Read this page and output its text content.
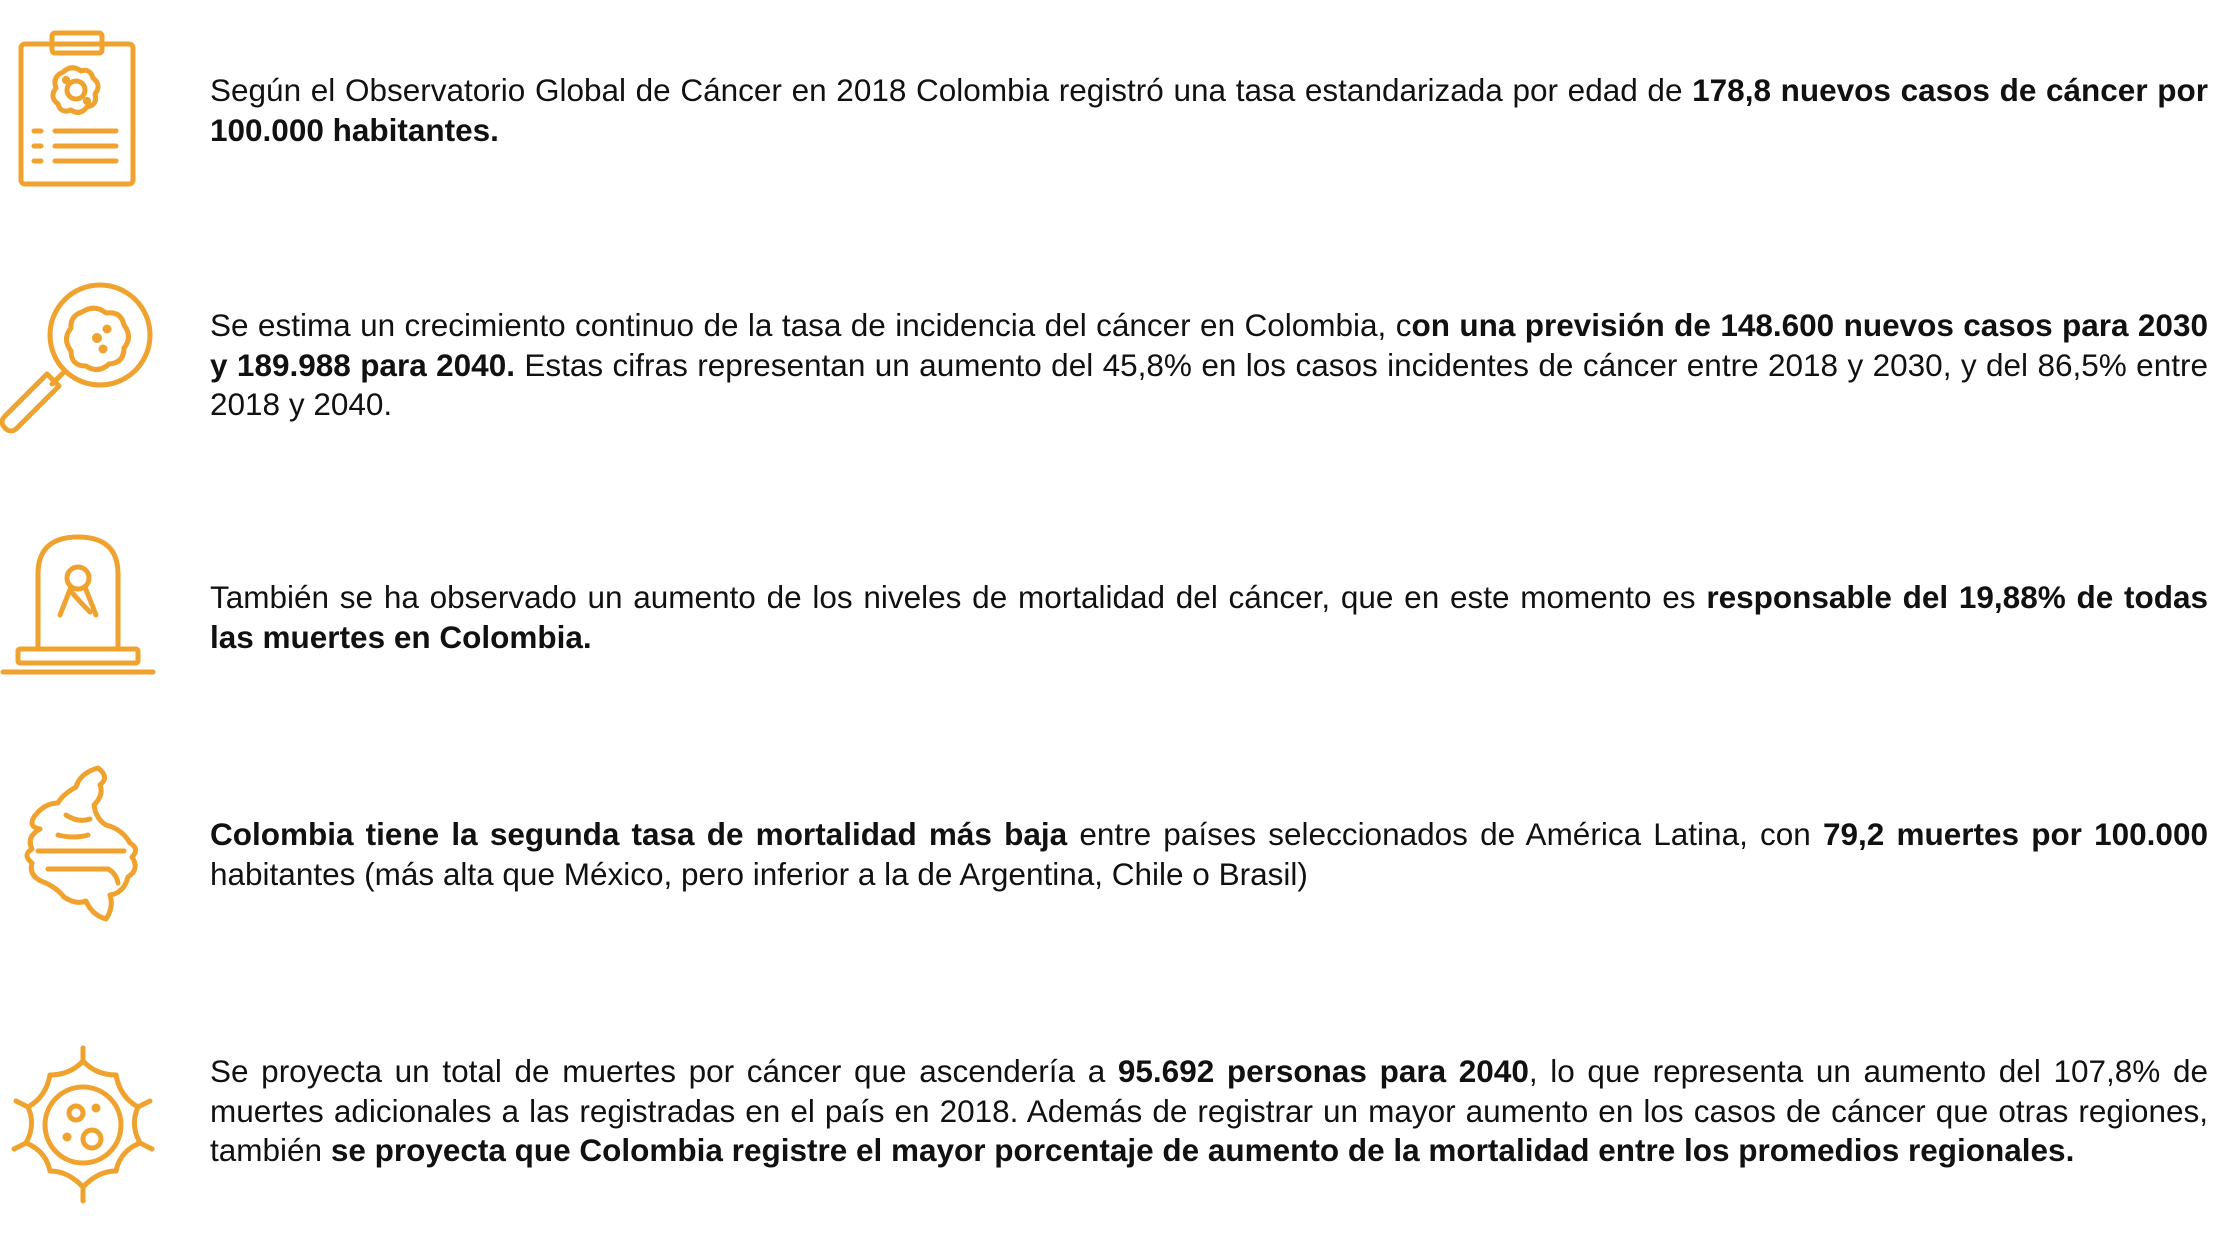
Según el Observatorio Global de Cáncer en 2018 Colombia registró una tasa estandarizada por edad de 178,8 nuevos casos de cáncer por 100.000 habitantes.

Se estima un crecimiento continuo de la tasa de incidencia del cáncer en Colombia, con una previsión de 148.600 nuevos casos para 2030 y 189.988 para 2040. Estas cifras representan un aumento del 45,8% en los casos incidentes de cáncer entre 2018 y 2030, y del 86,5% entre 2018 y 2040.

También se ha observado un aumento de los niveles de mortalidad del cáncer, que en este momento es responsable del 19,88% de todas las muertes en Colombia.

Colombia tiene la segunda tasa de mortalidad más baja entre países seleccionados de América Latina, con 79,2 muertes por 100.000 habitantes (más alta que México, pero inferior a la de Argentina, Chile o Brasil)

Se proyecta un total de muertes por cáncer que ascendería a 95.692 personas para 2040, lo que representa un aumento del 107,8% de muertes adicionales a las registradas en el país en 2018. Además de registrar un mayor aumento en los casos de cáncer que otras regiones, también se proyecta que Colombia registre el mayor porcentaje de aumento de la mortalidad entre los promedios regionales.
